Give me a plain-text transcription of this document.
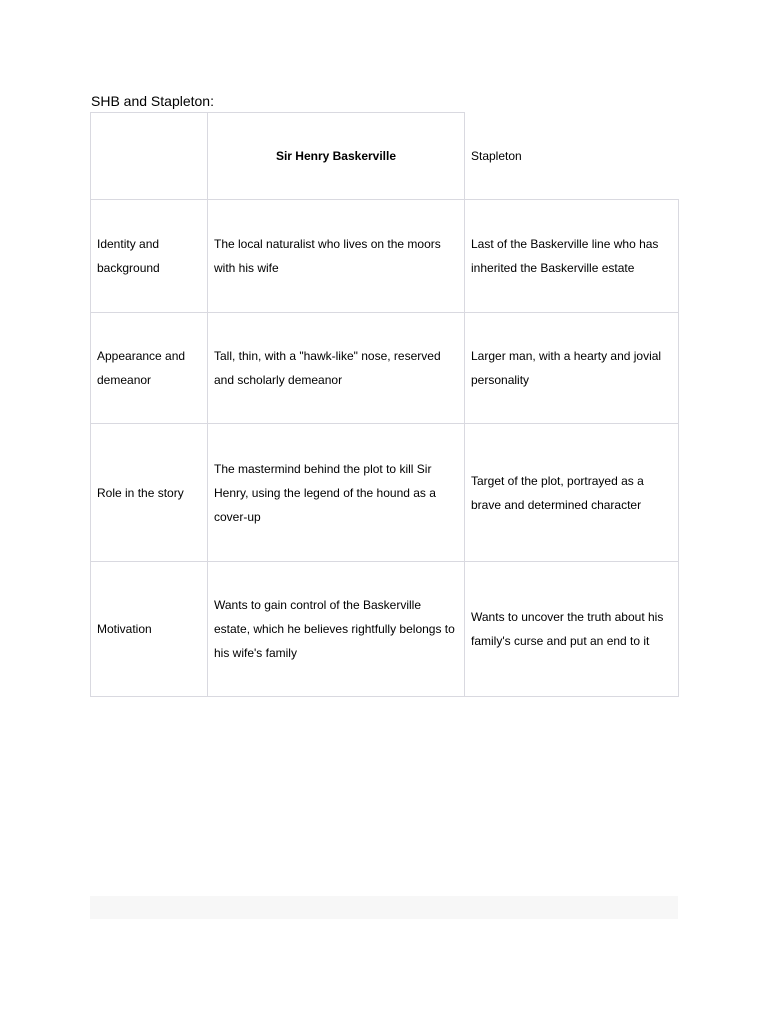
SHB and Stapleton:
Sir Henry Baskerville	Stapleton
Identity and background
The local naturalist who lives on the moors with his wife
Last of the Baskerville line who has inherited the Baskerville estate
Appearance and demeanor
Tall, thin, with a "hawk-like" nose, reserved and scholarly demeanor
Larger man, with a hearty and jovial personality
Role in the story
The mastermind behind the plot to kill Sir Henry, using the legend of the hound as a cover-up
Target of the plot, portrayed as a brave and determined character
Motivation
Wants to gain control of the Baskerville estate, which he believes rightfully belongs to his wife's family
Wants to uncover the truth about his family's curse and put an end to it
